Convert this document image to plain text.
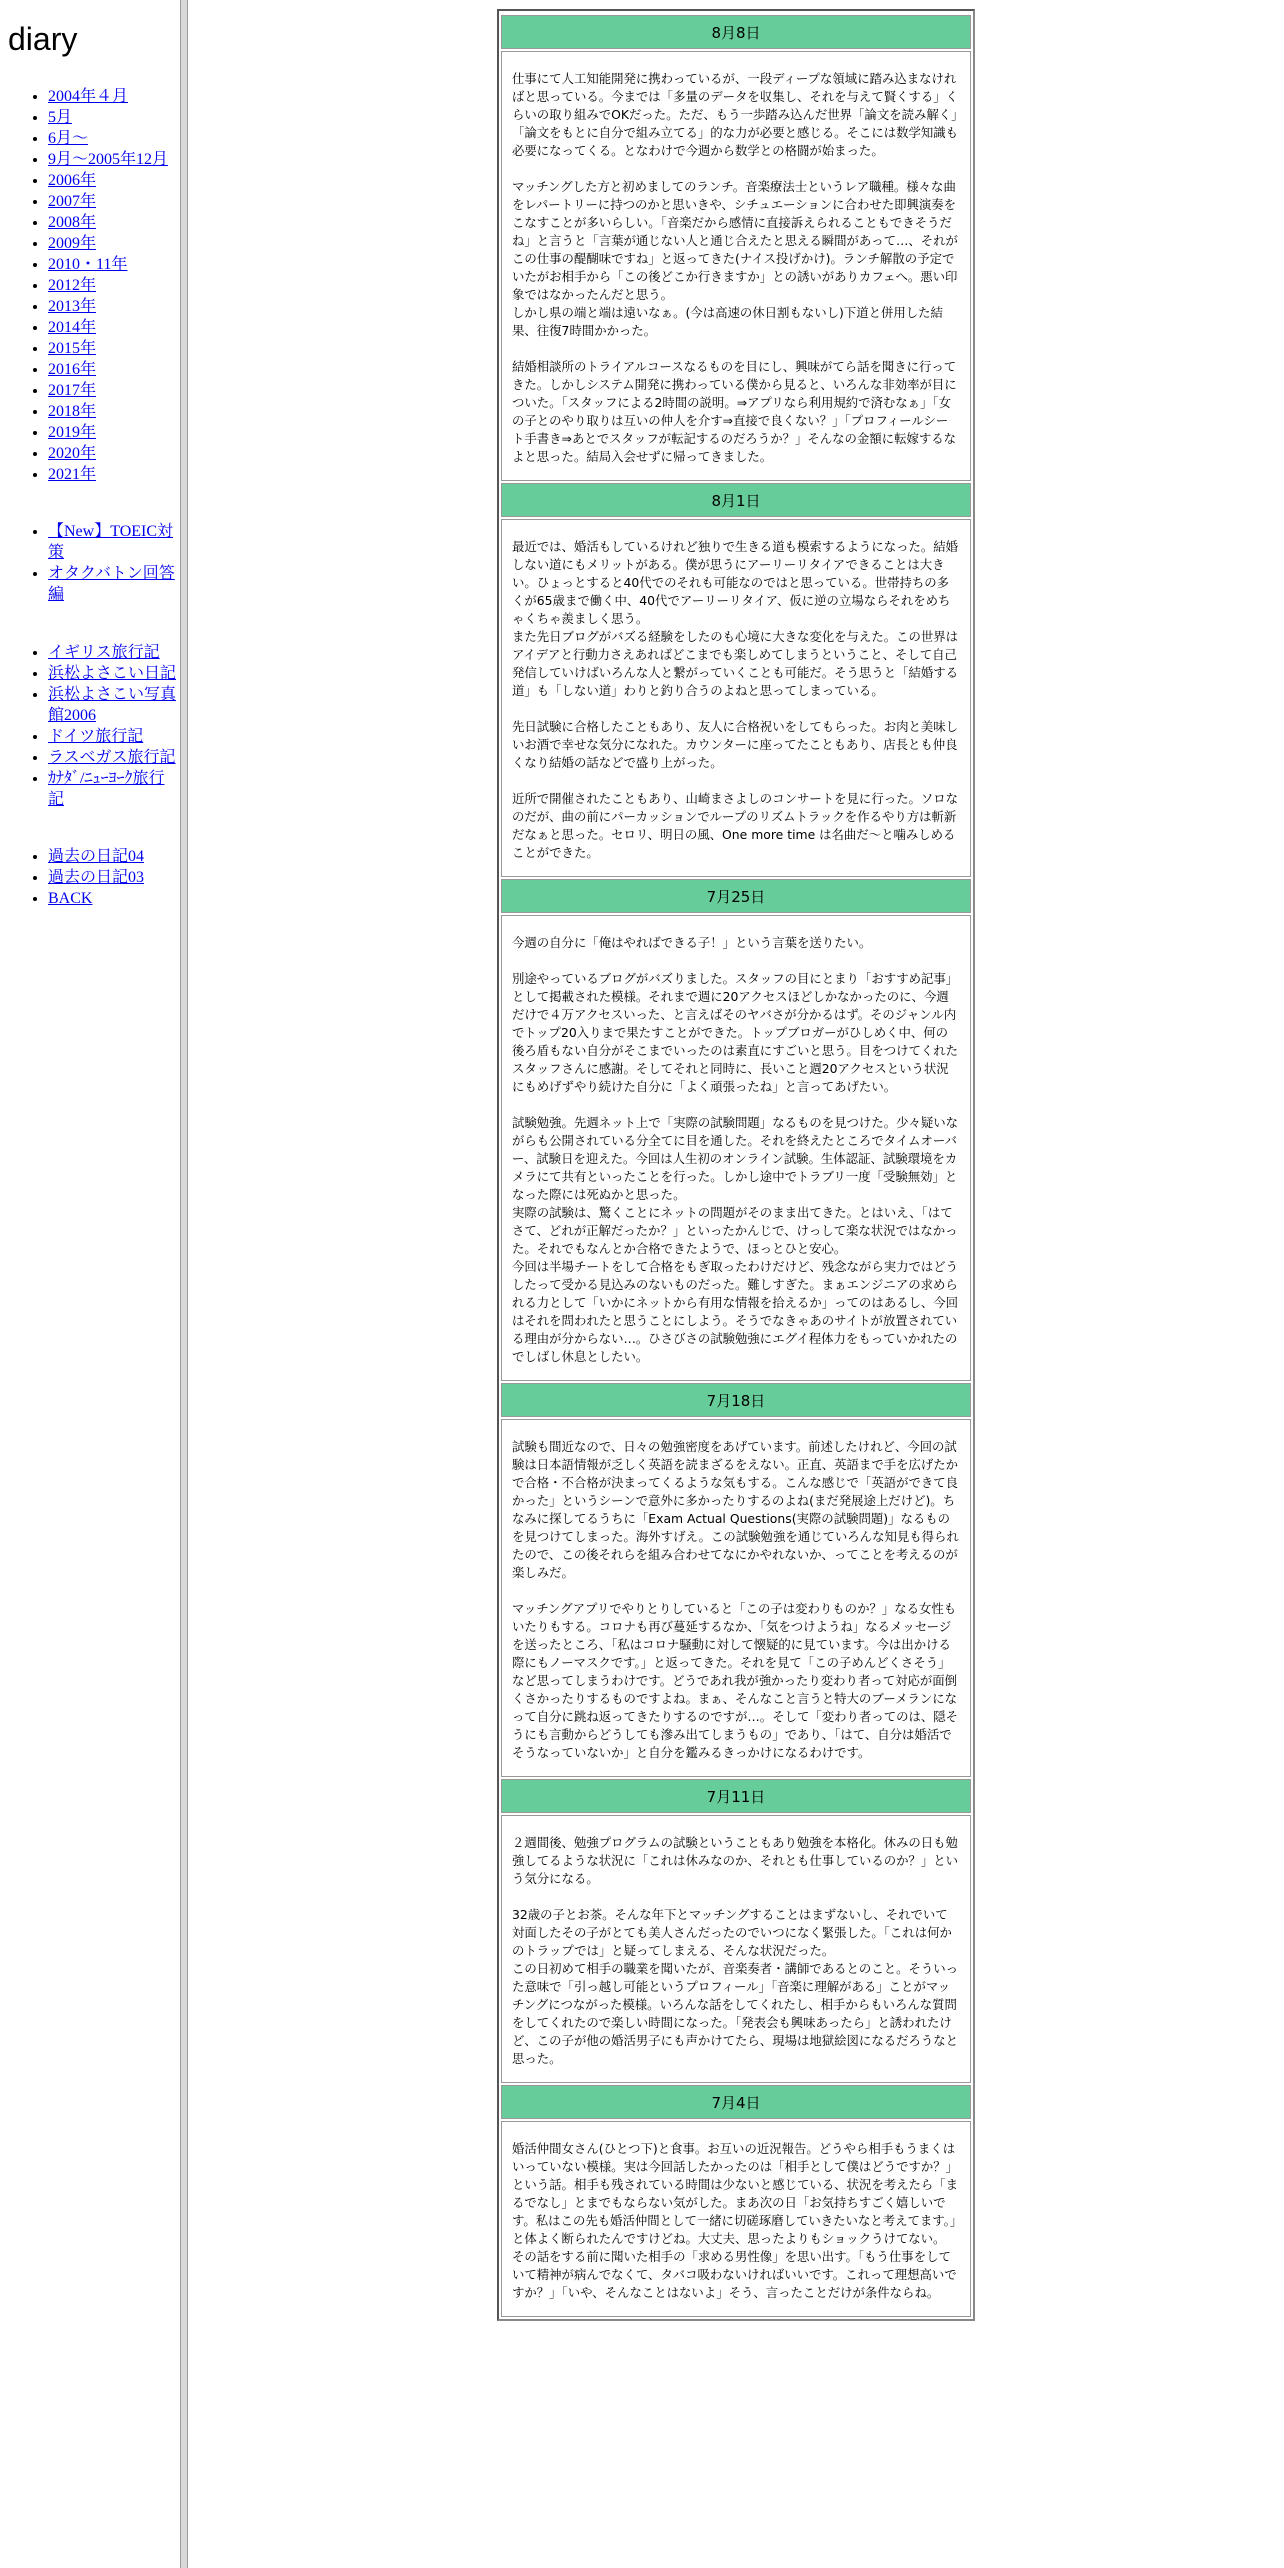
diary
• 2004年４月
• 5月
• 6月～
• 9月～2005年12月
• 2006年
• 2007年
• 2008年
• 2009年
• 2010・11年
• 2012年
• 2013年
• 2014年
• 2015年
• 2016年
• 2017年
• 2018年
• 2019年
• 2020年
• 2021年
• 【New】TOEIC対策
• オタクバトン回答編
• イギリス旅行記
• 浜松よさこい日記
• 浜松よさこい写真館2006
• ドイツ旅行記
• ラスベガス旅行記
• ｶﾅﾀﾞ/ﾆｭｰﾖｰｸ旅行記
• 過去の日記04
• 過去の日記03
• BACK
8月8日

仕事にて人工知能開発に携わっているが、一段ディープな領域に踏み込まなければと思っている。今までは「多量のデータを収集し、それを与えて賢くする」くらいの取り組みでOKだった。ただ、もう一歩踏み込んだ世界「論文を読み解く」「論文をもとに自分で組み立てる」的な力が必要と感じる。そこには数学知識も必要になってくる。となわけで今週から数学との格闘が始まった。

マッチングした方と初めましてのランチ。音楽療法士というレア職種。様々な曲をレパートリーに持つのかと思いきや、シチュエーションに合わせた即興演奏をこなすことが多いらしい。「音楽だから感情に直接訴えられることもできそうだね」と言うと「言葉が通じない人と通じ合えたと思える瞬間があって…、それがこの仕事の醍醐味ですね」と返ってきた(ナイス投げかけ)。ランチ解散の予定でいたがお相手から「この後どこか行きますか」との誘いがありカフェへ。悪い印象ではなかったんだと思う。
しかし県の端と端は遠いなぁ。(今は高速の休日割もないし)下道と併用した結果、往復7時間かかった。

結婚相談所のトライアルコースなるものを目にし、興味がてら話を聞きに行ってきた。しかしシステム開発に携わっている僕から見ると、いろんな非効率が目についた。「スタッフによる2時間の説明。⇒アプリなら利用規約で済むなぁ」「女の子とのやり取りは互いの仲人を介す⇒直接で良くない？」「プロフィールシート手書き⇒あとでスタッフが転記するのだろうか？」そんなの金額に転嫁するなよと思った。結局入会せずに帰ってきました。

8月1日

最近では、婚活もしているけれど独りで生きる道も模索するようになった。結婚しない道にもメリットがある。僕が思うにアーリーリタイアできることは大きい。ひょっとすると40代でのそれも可能なのではと思っている。世帯持ちの多くが65歳まで働く中、40代でアーリーリタイア、仮に逆の立場ならそれをめちゃくちゃ羨ましく思う。
また先日ブログがバズる経験をしたのも心境に大きな変化を与えた。この世界はアイデアと行動力さえあればどこまでも楽しめてしまうということ、そして自己発信していけばいろんな人と繋がっていくことも可能だ。そう思うと「結婚する道」も「しない道」わりと釣り合うのよねと思ってしまっている。

先日試験に合格したこともあり、友人に合格祝いをしてもらった。お肉と美味しいお酒で幸せな気分になれた。カウンターに座ってたこともあり、店長とも仲良くなり結婚の話などで盛り上がった。

近所で開催されたこともあり、山崎まさよしのコンサートを見に行った。ソロなのだが、曲の前にパーカッションでループのリズムトラックを作るやり方は斬新だなぁと思った。セロリ、明日の風、One more time は名曲だ～と噛みしめることができた。

7月25日

今週の自分に「俺はやればできる子！」という言葉を送りたい。

別途やっているブログがバズりました。スタッフの目にとまり「おすすめ記事」として掲載された模様。それまで週に20アクセスほどしかなかったのに、今週だけで４万アクセスいった、と言えばそのヤバさが分かるはず。そのジャンル内でトップ20入りまで果たすことができた。トップブロガーがひしめく中、何の後ろ盾もない自分がそこまでいったのは素直にすごいと思う。目をつけてくれたスタッフさんに感謝。そしてそれと同時に、長いこと週20アクセスという状況にもめげずやり続けた自分に「よく頑張ったね」と言ってあげたい。

試験勉強。先週ネット上で「実際の試験問題」なるものを見つけた。少々疑いながらも公開されている分全てに目を通した。それを終えたところでタイムオーバー、試験日を迎えた。今回は人生初のオンライン試験。生体認証、試験環境をカメラにて共有といったことを行った。しかし途中でトラブリ一度「受験無効」となった際には死ぬかと思った。
実際の試験は、驚くことにネットの問題がそのまま出てきた。とはいえ、「はてさて、どれが正解だったか？」といったかんじで、けっして楽な状況ではなかった。それでもなんとか合格できたようで、ほっとひと安心。
今回は半場チートをして合格をもぎ取ったわけだけど、残念ながら実力ではどうしたって受かる見込みのないものだった。難しすぎた。まぁエンジニアの求められる力として「いかにネットから有用な情報を拾えるか」ってのはあるし、今回はそれを問われたと思うことにしよう。そうでなきゃあのサイトが放置されている理由が分からない…。ひさびさの試験勉強にエグイ程体力をもっていかれたのでしばし休息としたい。

7月18日

試験も間近なので、日々の勉強密度をあげています。前述したけれど、今回の試験は日本語情報が乏しく英語を読まざるをえない。正直、英語まで手を広げたかで合格・不合格が決まってくるような気もする。こんな感じで「英語ができて良かった」というシーンで意外に多かったりするのよね(まだ発展途上だけど)。ちなみに探してるうちに「Exam Actual Questions(実際の試験問題)」なるものを見つけてしまった。海外すげえ。この試験勉強を通じていろんな知見も得られたので、この後それらを組み合わせてなにかやれないか、ってことを考えるのが楽しみだ。

マッチングアプリでやりとりしていると「この子は変わりものか？」なる女性もいたりもする。コロナも再び蔓延するなか、「気をつけようね」なるメッセージを送ったところ、「私はコロナ騒動に対して懐疑的に見ています。今は出かける際にもノーマスクです。」と返ってきた。それを見て「この子めんどくさそう」など思ってしまうわけです。どうであれ我が強かったり変わり者って対応が面倒くさかったりするものですよね。まぁ、そんなこと言うと特大のブーメランになって自分に跳ね返ってきたりするのですが…。そして「変わり者ってのは、隠そうにも言動からどうしても滲み出てしまうもの」であり、「はて、自分は婚活でそうなっていないか」と自分を鑑みるきっかけになるわけです。

7月11日

２週間後、勉強プログラムの試験ということもあり勉強を本格化。休みの日も勉強してるような状況に「これは休みなのか、それとも仕事しているのか？」という気分になる。

32歳の子とお茶。そんな年下とマッチングすることはまずないし、それでいて対面したその子がとても美人さんだったのでいつになく緊張した。「これは何かのトラップでは」と疑ってしまえる、そんな状況だった。
この日初めて相手の職業を聞いたが、音楽奏者・講師であるとのこと。そういった意味で「引っ越し可能というプロフィール」「音楽に理解がある」ことがマッチングにつながった模様。いろんな話をしてくれたし、相手からもいろんな質問をしてくれたので楽しい時間になった。「発表会も興味あったら」と誘われたけど、この子が他の婚活男子にも声かけてたら、現場は地獄絵図になるだろうなと思った。

7月4日

婚活仲間女さん(ひとつ下)と食事。お互いの近況報告。どうやら相手もうまくはいっていない模様。実は今回話したかったのは「相手として僕はどうですか？」という話。相手も残されている時間は少ないと感じている、状況を考えたら「まるでなし」とまでもならない気がした。まあ次の日「お気持ちすごく嬉しいです。私はこの先も婚活仲間として一緒に切磋琢磨していきたいなと考えてます。」と体よく断られたんですけどね。大丈夫、思ったよりもショックうけてない。
その話をする前に聞いた相手の「求める男性像」を思い出す。「もう仕事をしていて精神が病んでなくて、タバコ吸わないければいいです。これって理想高いですか？」「いや、そんなことはないよ」そう、言ったことだけが条件ならね。
